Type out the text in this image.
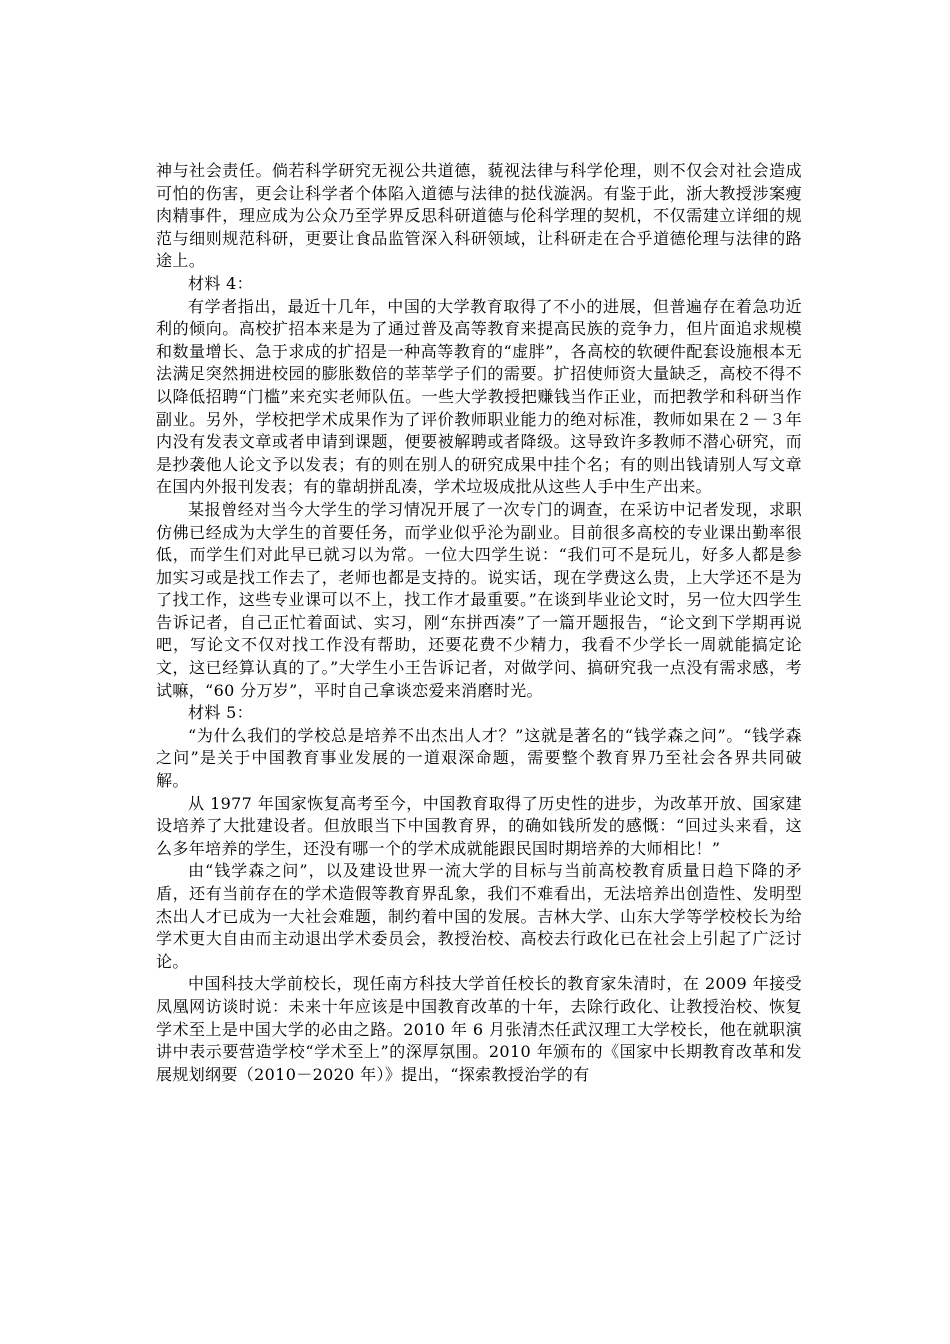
神与社会责任。倘若科学研究无视公共道德，藐视法律与科学伦理，则不仅会对社会造成可怕的伤害，更会让科学者个体陷入道德与法律的挞伐漩涡。有鉴于此，浙大教授涉案瘦肉精事件，理应成为公众乃至学界反思科研道德与伦科学理的契机，不仅需建立详细的规范与细则规范科研，更要让食品监管深入科研领域，让科研走在合乎道德伦理与法律的路途上。

材料 4：

有学者指出，最近十几年，中国的大学教育取得了不小的进展，但普遍存在着急功近利的倾向。高校扩招本来是为了通过普及高等教育来提高民族的竞争力，但片面追求规模和数量增长、急于求成的扩招是一种高等教育的“虚胖”，各高校的软硬件配套设施根本无法满足突然拥进校园的膨胀数倍的莘莘学子们的需要。扩招使师资大量缺乏，高校不得不以降低招聘“门槛”来充实老师队伍。一些大学教授把赚钱当作正业，而把教学和科研当作副业。另外，学校把学术成果作为了评价教师职业能力的绝对标准，教师如果在２－３年内没有发表文章或者申请到课题，便要被解聘或者降级。这导致许多教师不潜心研究，而是抄袭他人论文予以发表；有的则在别人的研究成果中挂个名；有的则出钱请别人写文章在国内外报刊发表；有的靠胡拼乱凑，学术垃圾成批从这些人手中生产出来。

某报曾经对当今大学生的学习情况开展了一次专门的调查，在采访中记者发现，求职仿佛已经成为大学生的首要任务，而学业似乎沦为副业。目前很多高校的专业课出勤率很低，而学生们对此早已就习以为常。一位大四学生说：“我们可不是玩儿，好多人都是参加实习或是找工作去了，老师也都是支持的。说实话，现在学费这么贵，上大学还不是为了找工作，这些专业课可以不上，找工作才最重要。”在谈到毕业论文时，另一位大四学生告诉记者，自己正忙着面试、实习，刚“东拼西凑”了一篇开题报告，“论文到下学期再说吧，写论文不仅对找工作没有帮助，还要花费不少精力，我看不少学长一周就能搞定论文，这已经算认真的了。”大学生小王告诉记者，对做学问、搞研究我一点没有需求感，考试嘛，“60 分万岁”，平时自己拿谈恋爱来消磨时光。

材料 5：

“为什么我们的学校总是培养不出杰出人才？”这就是著名的“钱学森之问”。“钱学森之问”是关于中国教育事业发展的一道艰深命题，需要整个教育界乃至社会各界共同破解。

从 1977 年国家恢复高考至今，中国教育取得了历史性的进步，为改革开放、国家建设培养了大批建设者。但放眼当下中国教育界，的确如钱所发的感慨：“回过头来看，这么多年培养的学生，还没有哪一个的学术成就能跟民国时期培养的大师相比！”

由“钱学森之问”，以及建设世界一流大学的目标与当前高校教育质量日趋下降的矛盾，还有当前存在的学术造假等教育界乱象，我们不难看出，无法培养出创造性、发明型杰出人才已成为一大社会难题，制约着中国的发展。吉林大学、山东大学等学校校长为给学术更大自由而主动退出学术委员会，教授治校、高校去行政化已在社会上引起了广泛讨论。

中国科技大学前校长，现任南方科技大学首任校长的教育家朱清时，在 2009 年接受凤凰网访谈时说：未来十年应该是中国教育改革的十年，去除行政化、让教授治校、恢复学术至上是中国大学的必由之路。2010 年 6 月张清杰任武汉理工大学校长，他在就职演讲中表示要营造学校“学术至上”的深厚氛围。2010 年颁布的《国家中长期教育改革和发展规划纲要（2010－2020 年）》提出，“探索教授治学的有
